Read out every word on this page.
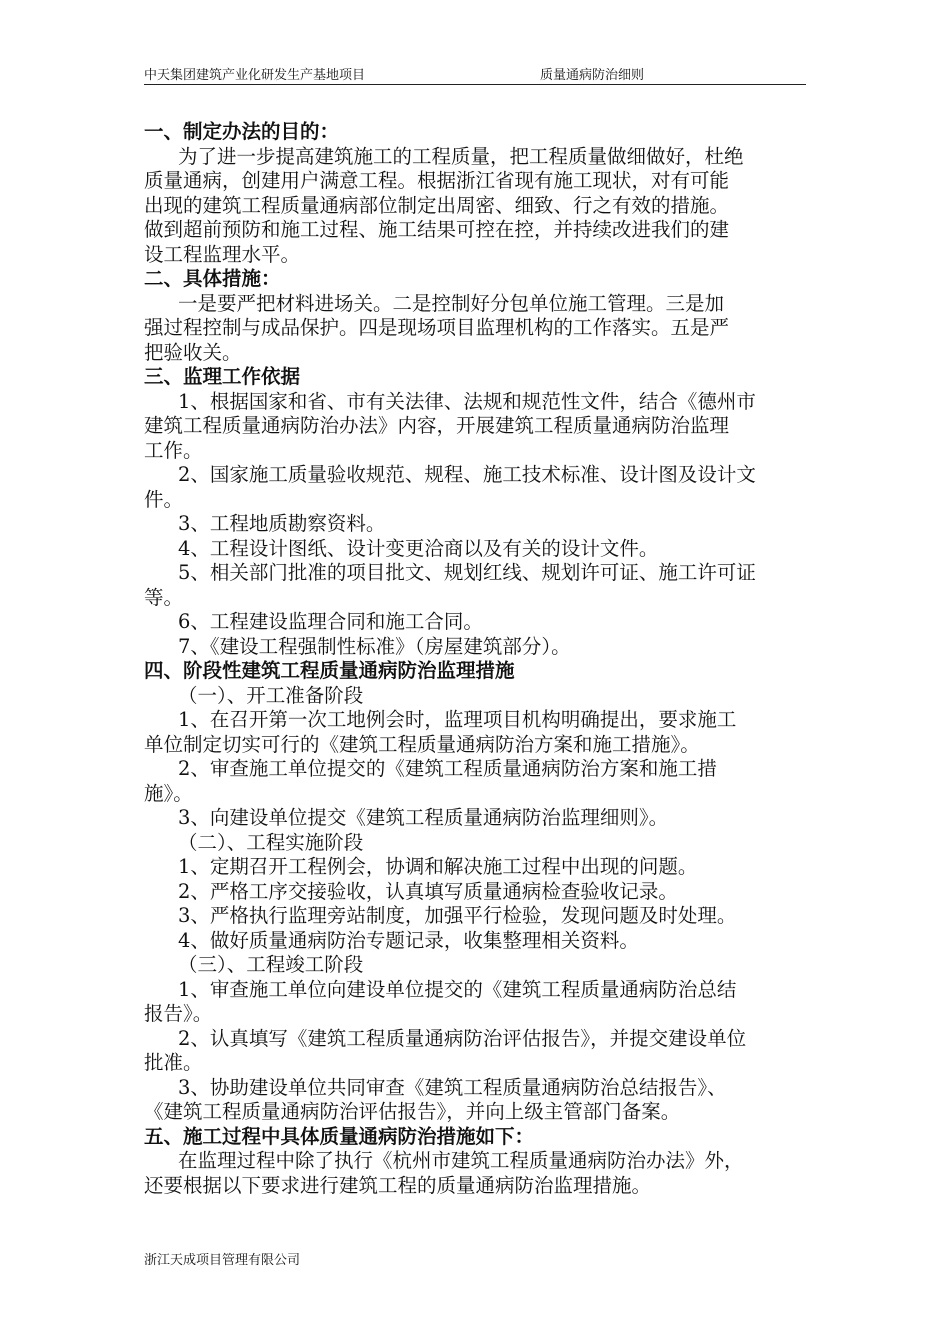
中天集团建筑产业化研发生产基地项目	质量通病防治细则
一、制定办法的目的：
为了进一步提高建筑施工的工程质量，把工程质量做细做好，杜绝
质量通病，创建用户满意工程。根据浙江省现有施工现状，对有可能
出现的建筑工程质量通病部位制定出周密、细致、行之有效的措施。
做到超前预防和施工过程、施工结果可控在控，并持续改进我们的建
设工程监理水平。
二、具体措施：
一是要严把材料进场关。二是控制好分包单位施工管理。三是加
强过程控制与成品保护。四是现场项目监理机构的工作落实。五是严
把验收关。
三、监理工作依据
1、根据国家和省、市有关法律、法规和规范性文件，结合《德州市
建筑工程质量通病防治办法》内容，开展建筑工程质量通病防治监理
工作。
2、国家施工质量验收规范、规程、施工技术标准、设计图及设计文
件。
3、工程地质勘察资料。
4、工程设计图纸、设计变更洽商以及有关的设计文件。
5、相关部门批准的项目批文、规划红线、规划许可证、施工许可证
等。
6、工程建设监理合同和施工合同。
7、《建设工程强制性标准》（房屋建筑部分）。
四、阶段性建筑工程质量通病防治监理措施
（一）、开工准备阶段
1、在召开第一次工地例会时，监理项目机构明确提出，要求施工
单位制定切实可行的《建筑工程质量通病防治方案和施工措施》。
2、审查施工单位提交的《建筑工程质量通病防治方案和施工措
施》。
3、向建设单位提交《建筑工程质量通病防治监理细则》。
（二）、工程实施阶段
1、定期召开工程例会，协调和解决施工过程中出现的问题。
2、严格工序交接验收，认真填写质量通病检查验收记录。
3、严格执行监理旁站制度，加强平行检验，发现问题及时处理。
4、做好质量通病防治专题记录，收集整理相关资料。
（三）、工程竣工阶段
1、审查施工单位向建设单位提交的《建筑工程质量通病防治总结
报告》。
2、认真填写《建筑工程质量通病防治评估报告》，并提交建设单位
批准。
3、协助建设单位共同审查《建筑工程质量通病防治总结报告》、
《建筑工程质量通病防治评估报告》，并向上级主管部门备案。
五、施工过程中具体质量通病防治措施如下：
在监理过程中除了执行《杭州市建筑工程质量通病防治办法》外，
还要根据以下要求进行建筑工程的质量通病防治监理措施。
浙江天成项目管理有限公司
